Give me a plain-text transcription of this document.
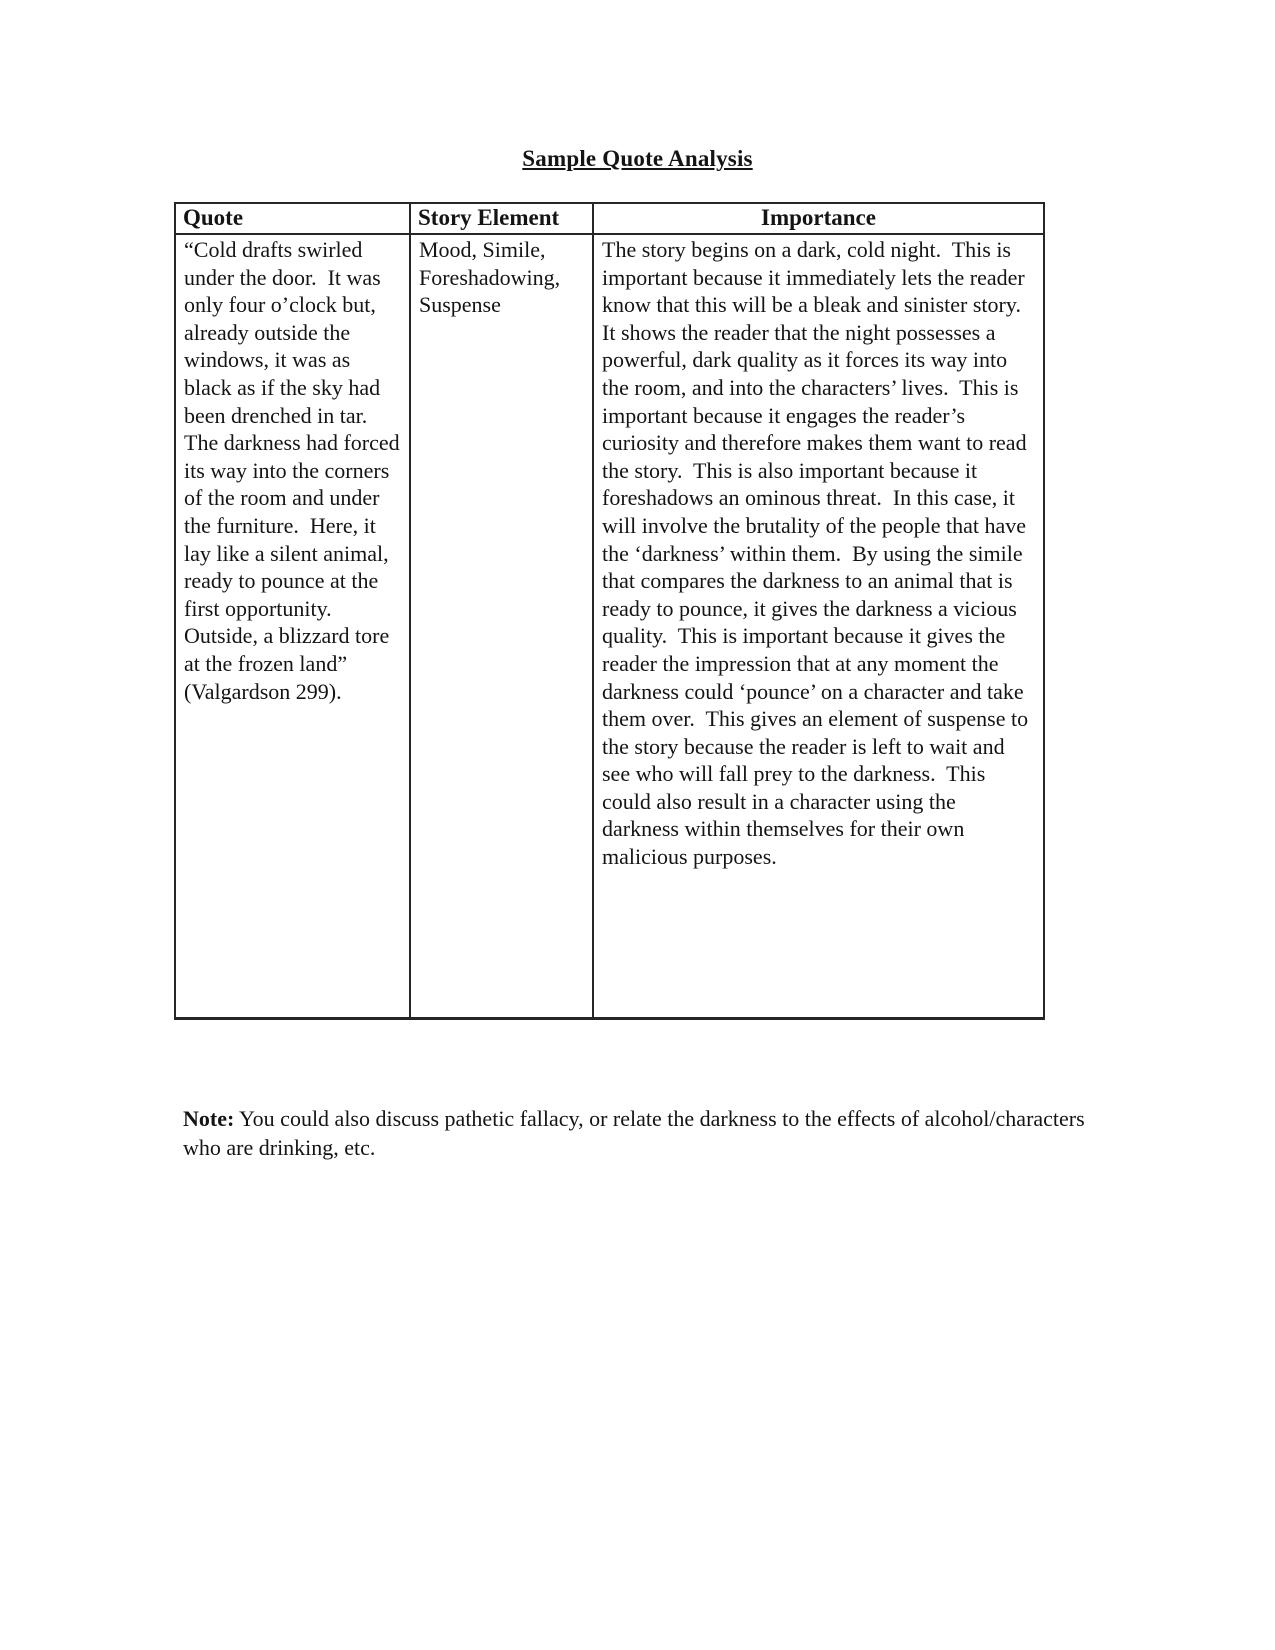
Sample Quote Analysis
Quote	Story Element	Importance
“Cold drafts swirled under the door.  It was only four o’clock but, already outside the windows, it was as black as if the sky had been drenched in tar.  The darkness had forced its way into the corners of the room and under the furniture.  Here, it lay like a silent animal, ready to pounce at the first opportunity.  Outside, a blizzard tore at the frozen land” (Valgardson 299).	Mood, Simile, Foreshadowing, Suspense	The story begins on a dark, cold night.  This is important because it immediately lets the reader know that this will be a bleak and sinister story.  It shows the reader that the night possesses a powerful, dark quality as it forces its way into the room, and into the characters’ lives.  This is important because it engages the reader’s curiosity and therefore makes them want to read the story.  This is also important because it foreshadows an ominous threat.  In this case, it will involve the brutality of the people that have the ‘darkness’ within them.  By using the simile that compares the darkness to an animal that is ready to pounce, it gives the darkness a vicious quality.  This is important because it gives the reader the impression that at any moment the darkness could ‘pounce’ on a character and take them over.  This gives an element of suspense to the story because the reader is left to wait and see who will fall prey to the darkness.  This could also result in a character using the darkness within themselves for their own malicious purposes.

Note: You could also discuss pathetic fallacy, or relate the darkness to the effects of alcohol/characters who are drinking, etc.
